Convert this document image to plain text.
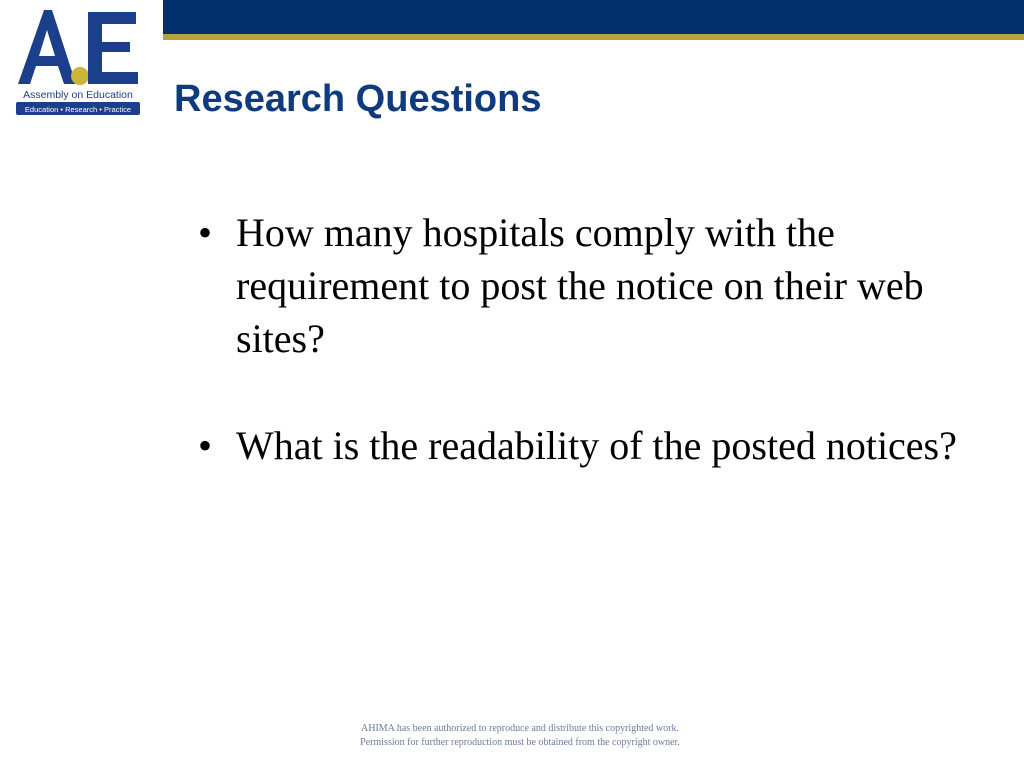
Assembly on Education
Education • Research • Practice Research Questions
• How many hospitals comply with the requirement to post the notice on their web sites?
• What is the readability of the posted notices?
AHIMA has been authorized to reproduce and distribute this copyrighted work.
Permission for further reproduction must be obtained from the copyright owner.
